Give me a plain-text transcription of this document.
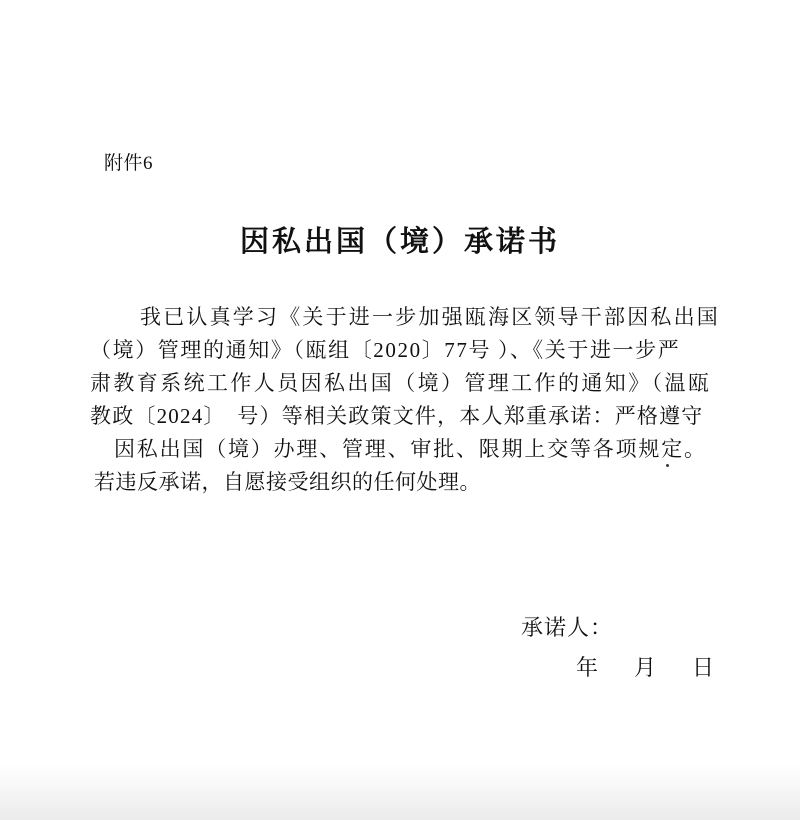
附件6
因私出国（境）承诺书
我已认真学习《关于进一步加强瓯海区领导干部因私出国
（境）管理的通知》（瓯组〔2020〕77号 ）、《关于进一步严
肃教育系统工作人员因私出国（境）管理工作的通知》（温瓯
教政〔2024〕　号）等相关政策文件，本人郑重承诺：严格遵守
因私出国（境）办理、管理、审批、限期上交等各项规定。
若违反承诺，自愿接受组织的任何处理。
承诺人：
年 月 日
